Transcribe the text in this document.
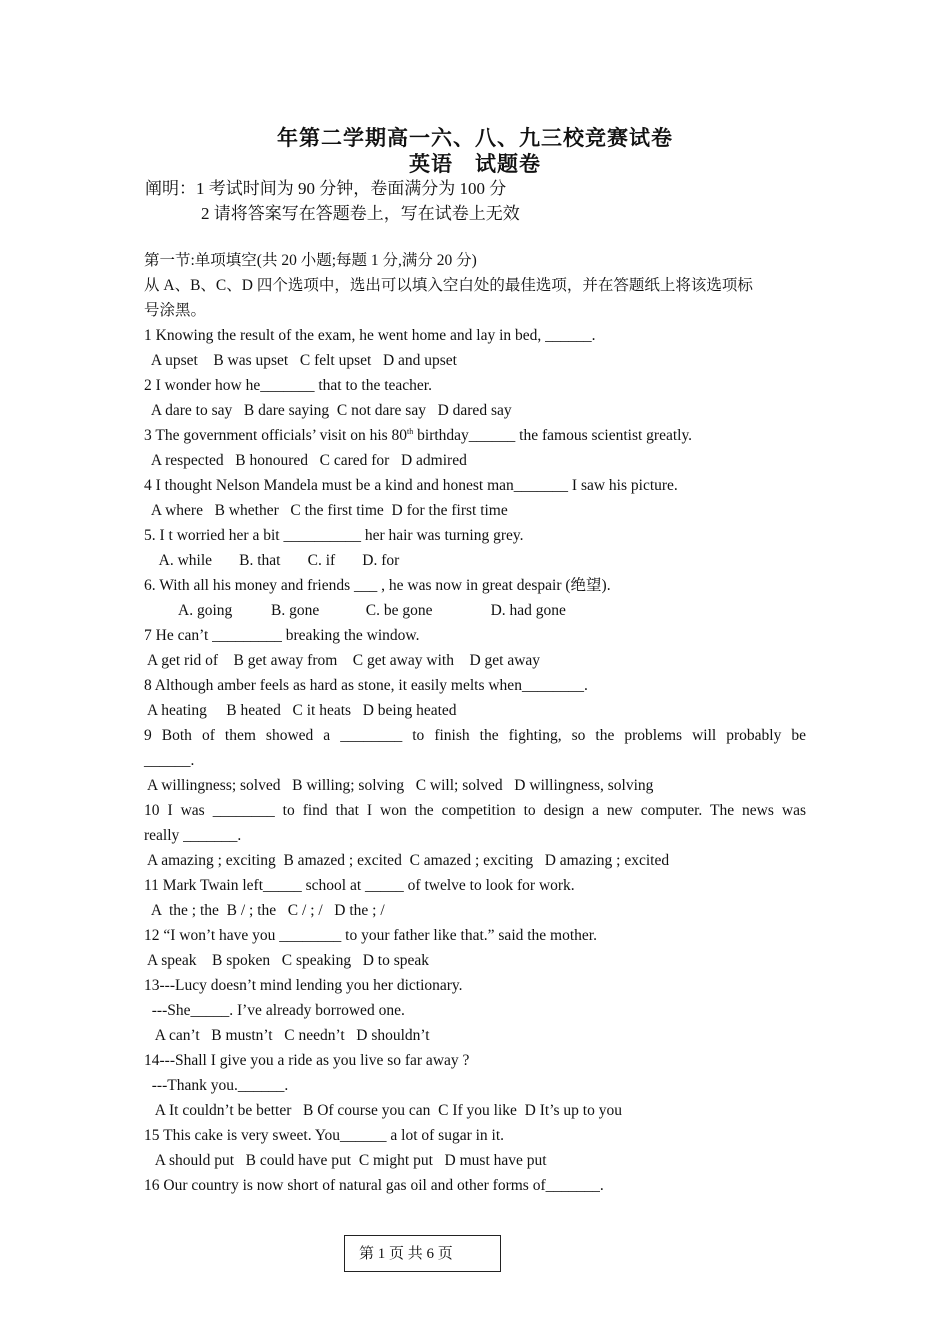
年第二学期高一六、八、九三校竞赛试卷
英语　试题卷
阐明：1 考试时间为 90 分钟，卷面满分为 100 分
2 请将答案写在答题卷上，写在试卷上无效
第一节:单项填空(共 20 小题;每题 1 分,满分 20 分)
从 A、B、C、D 四个选项中，选出可以填入空白处的最佳选项，并在答题纸上将该选项标
号涂黑。
1 Knowing the result of the exam, he went home and lay in bed, ______.
A upset    B was upset   C felt upset   D and upset
2 I wonder how he_______ that to the teacher.
A dare to say   B dare saying  C not dare say   D dared say
3 The government officials’ visit on his 80th birthday______ the famous scientist greatly.
A respected   B honoured   C cared for   D admired
4 I thought Nelson Mandela must be a kind and honest man_______ I saw his picture.
A where   B whether   C the first time  D for the first time
5. I t worried her a bit __________ her hair was turning grey.
A. while       B. that       C. if       D. for
6. With all his money and friends ___ , he was now in great despair (绝望).
A. going          B. gone            C. be gone               D. had gone
7 He can’t _________ breaking the window.
A get rid of    B get away from    C get away with    D get away
8 Although amber feels as hard as stone, it easily melts when________.
A heating     B heated   C it heats   D being heated
9 Both of them showed a ________ to finish the fighting, so the problems will probably be
______.
A willingness; solved   B willing; solving   C will; solved   D willingness, solving
10 I was ________ to find that I won the competition to design a new computer. The news was
really _______.
A amazing ; exciting  B amazed ; excited  C amazed ; exciting   D amazing ; excited
11 Mark Twain left_____ school at _____ of twelve to look for work.
A  the ; the  B / ; the   C / ; /   D the ; /
12 “I won’t have you ________ to your father like that.” said the mother.
A speak    B spoken   C speaking   D to speak
13---Lucy doesn’t mind lending you her dictionary.
---She_____. I’ve already borrowed one.
A can’t   B mustn’t   C needn’t   D shouldn’t
14---Shall I give you a ride as you live so far away ?
---Thank you.______.
A It couldn’t be better   B Of course you can  C If you like  D It’s up to you
15 This cake is very sweet. You______ a lot of sugar in it.
A should put   B could have put  C might put   D must have put
16 Our country is now short of natural gas oil and other forms of_______.
第 1 页 共 6 页
